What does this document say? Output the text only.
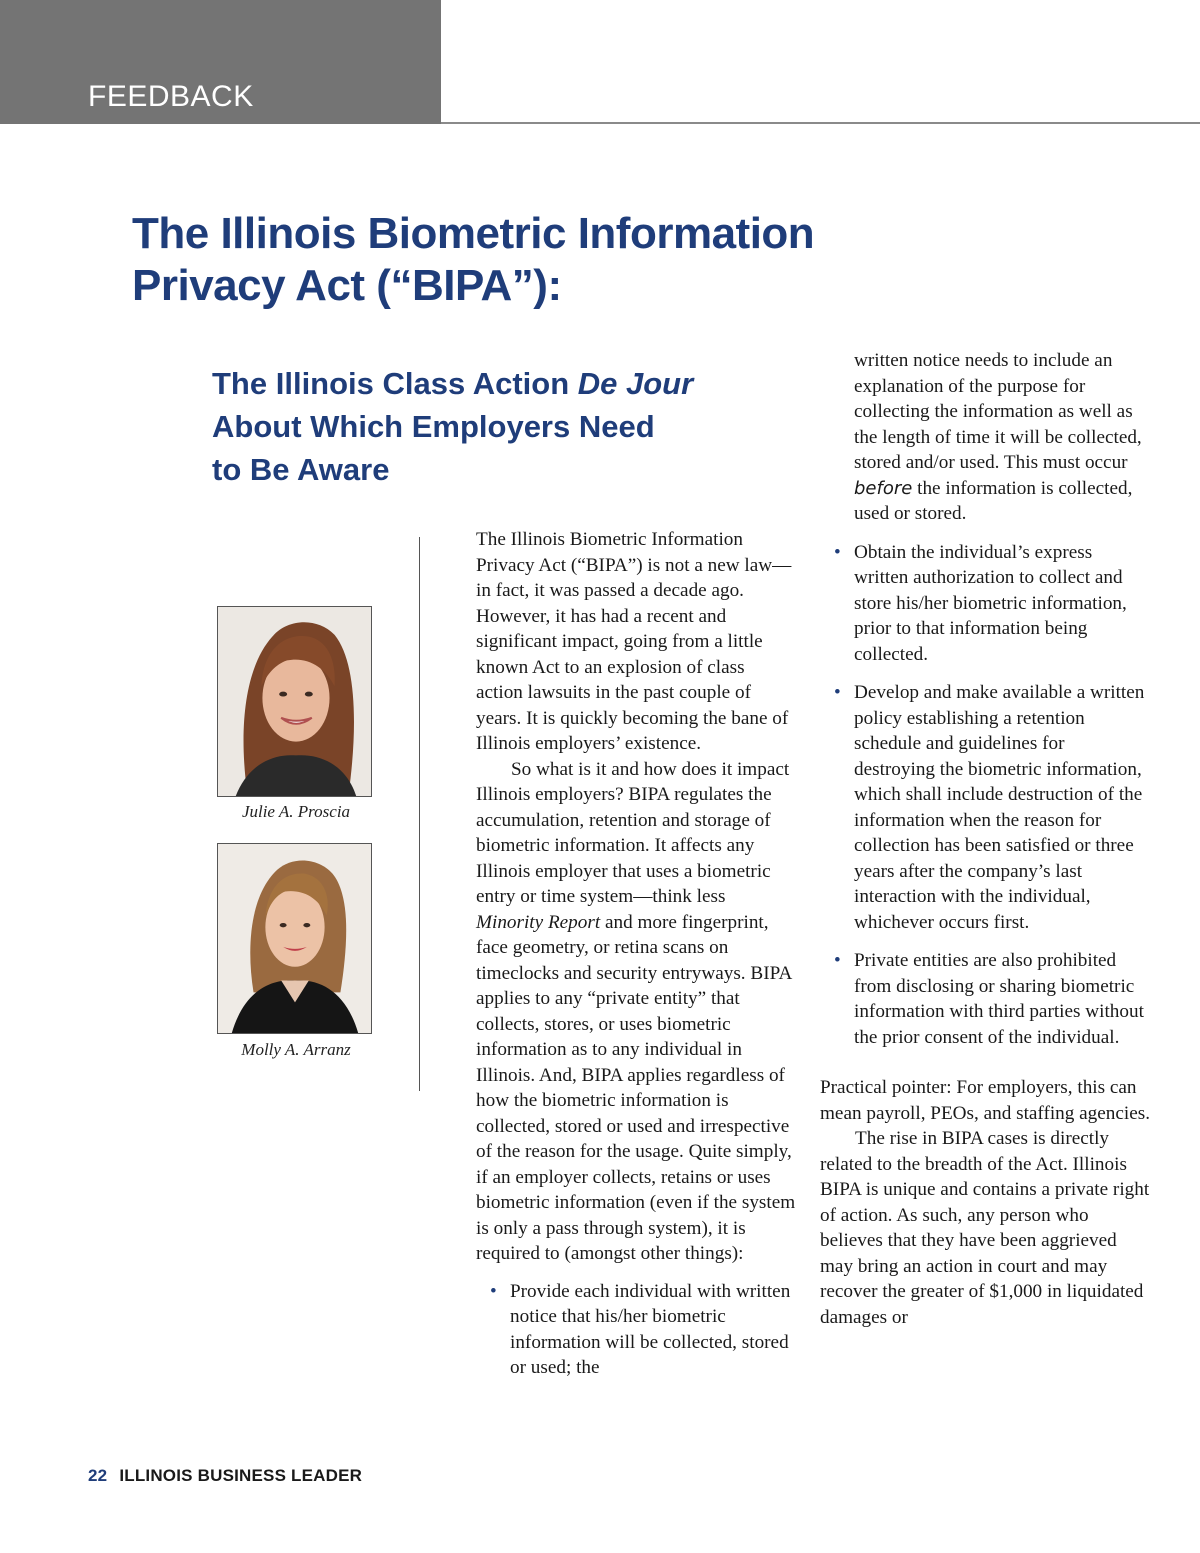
FEEDBACK
The Illinois Biometric Information
Privacy Act (“BIPA”):
The Illinois Class Action De Jour
About Which Employers Need
to Be Aware
Julie A. Proscia
Molly A. Arranz

The Illinois Biometric Information Privacy Act (“BIPA”) is not a new law—in fact, it was passed a decade ago. However, it has had a recent and significant impact, going from a little known Act to an explosion of class action lawsuits in the past couple of years. It is quickly becoming the bane of Illinois employers’ existence.

So what is it and how does it impact Illinois employers? BIPA regulates the accumulation, retention and storage of biometric information. It affects any Illinois employer that uses a biometric entry or time system—think less Minority Report and more fingerprint, face geometry, or retina scans on timeclocks and security entryways. BIPA applies to any “private entity” that collects, stores, or uses biometric information as to any individual in Illinois. And, BIPA applies regardless of how the biometric information is collected, stored or used and irrespective of the reason for the usage. Quite simply, if an employer collects, retains or uses biometric information (even if the system is only a pass through system), it is required to (amongst other things):

• Provide each individual with written notice that his/her biometric information will be collected, stored or used; the

written notice needs to include an explanation of the purpose for collecting the information as well as the length of time it will be collected, stored and/or used. This must occur before the information is collected, used or stored.

• Obtain the individual’s express written authorization to collect and store his/her biometric information, prior to that information being collected.
• Develop and make available a written policy establishing a retention schedule and guidelines for destroying the biometric information, which shall include destruction of the information when the reason for collection has been satisfied or three years after the company’s last interaction with the individual, whichever occurs first.
• Private entities are also prohibited from disclosing or sharing biometric information with third parties without the prior consent of the individual.

Practical pointer: For employers, this can mean payroll, PEOs, and staffing agencies.

The rise in BIPA cases is directly related to the breadth of the Act. Illinois BIPA is unique and contains a private right of action. As such, any person who believes that they have been aggrieved may bring an action in court and may recover the greater of $1,000 in liquidated damages or

22 ILLINOIS BUSINESS LEADER
